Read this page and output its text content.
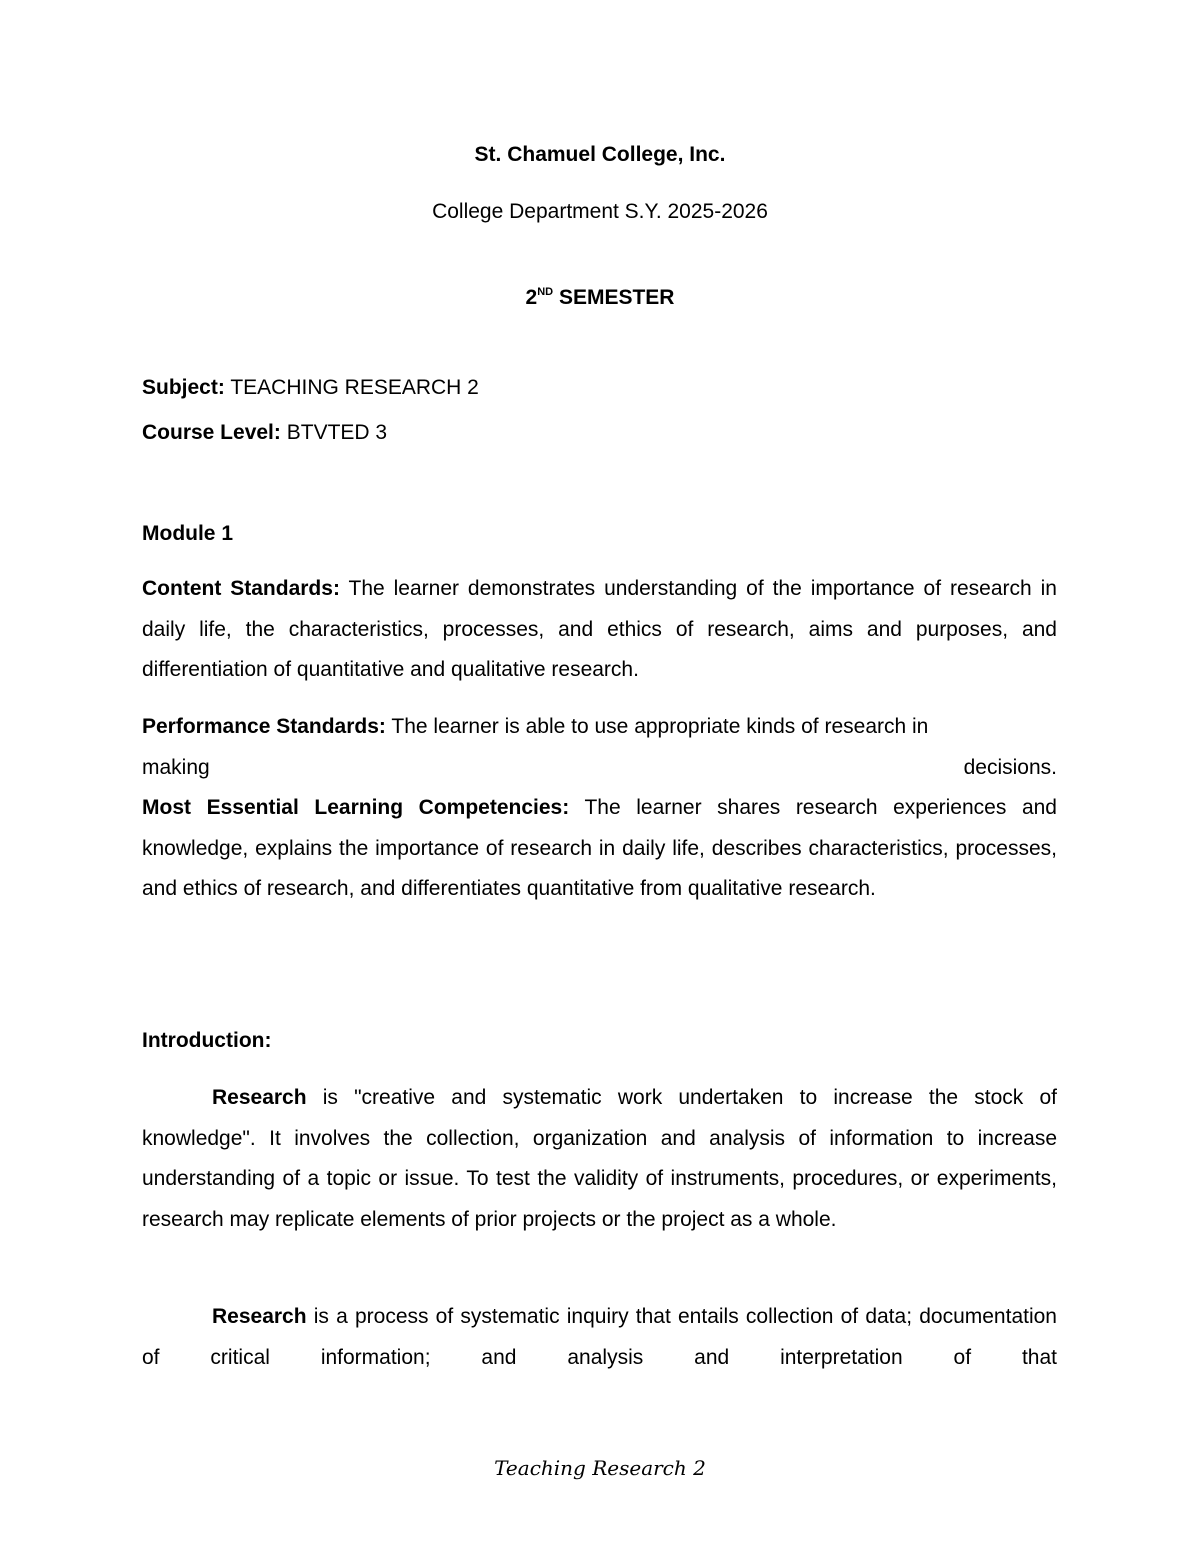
St. Chamuel College, Inc.
College Department S.Y. 2025-2026
2ND SEMESTER
Subject: TEACHING RESEARCH 2
Course Level: BTVTED 3
Module 1
Content Standards: The learner demonstrates understanding of the importance of research in daily life, the characteristics, processes, and ethics of research, aims and purposes, and differentiation of quantitative and qualitative research.
Performance Standards: The learner is able to use appropriate kinds of research in
making	decisions.
Most Essential Learning Competencies: The learner shares research experiences and knowledge, explains the importance of research in daily life, describes characteristics, processes, and ethics of research, and differentiates quantitative from qualitative research.
Introduction:
Research is "creative and systematic work undertaken to increase the stock of knowledge". It involves the collection, organization and analysis of information to increase understanding of a topic or issue. To test the validity of instruments, procedures, or experiments, research may replicate elements of prior projects or the project as a whole.
Research is a process of systematic inquiry that entails collection of data; documentation of critical information; and analysis and interpretation of that
Teaching Research 2
